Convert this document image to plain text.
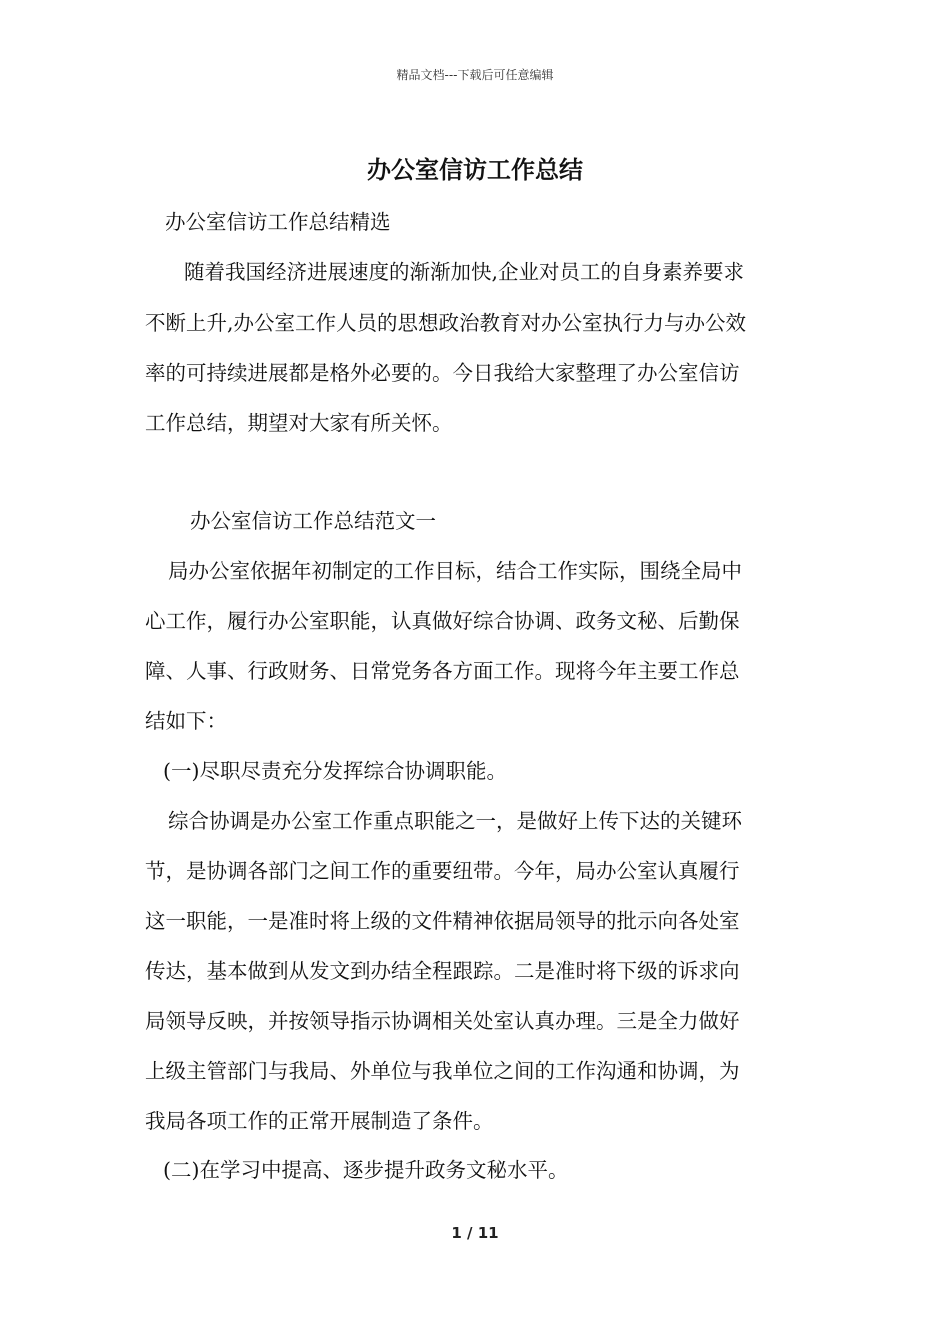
精品文档---下载后可任意编辑
办公室信访工作总结
办公室信访工作总结精选
随着我国经济进展速度的渐渐加快,企业对员工的自身素养要求
不断上升,办公室工作人员的思想政治教育对办公室执行力与办公效
率的可持续进展都是格外必要的。今日我给大家整理了办公室信访
工作总结，期望对大家有所关怀。
办公室信访工作总结范文一
局办公室依据年初制定的工作目标，结合工作实际，围绕全局中
心工作，履行办公室职能，认真做好综合协调、政务文秘、后勤保
障、人事、行政财务、日常党务各方面工作。现将今年主要工作总
结如下：
(一)尽职尽责充分发挥综合协调职能。
综合协调是办公室工作重点职能之一，是做好上传下达的关键环
节，是协调各部门之间工作的重要纽带。今年，局办公室认真履行
这一职能，一是准时将上级的文件精神依据局领导的批示向各处室
传达，基本做到从发文到办结全程跟踪。二是准时将下级的诉求向
局领导反映，并按领导指示协调相关处室认真办理。三是全力做好
上级主管部门与我局、外单位与我单位之间的工作沟通和协调，为
我局各项工作的正常开展制造了条件。
(二)在学习中提高、逐步提升政务文秘水平。
1 / 11
